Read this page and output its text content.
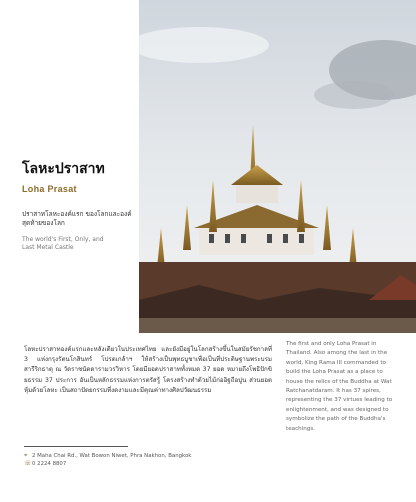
โลหะปราสาท
Loha Prasat
ปราสาทโลหะองค์แรก ของโลกและองค์สุดท้ายของโลก
The world's First, Only, and Last Metal Castle
โลหะปราสาทองค์แรกและหลังเดียวในประเทศไทย และยังมีอยู่ในโลกสร้างขึ้นในสมัยรัชกาลที่ 3 แห่งกรุงรัตนโกสินทร์ โปรดเกล้าฯ ให้สร้างเป็นพุทธบูชาเพื่อเป็นที่ประดิษฐานพระบรมสารีริกธาตุ ณ วัดราชนัดดารามวรวิหาร โดยมียอดปราสาททั้งหมด 37 ยอด หมายถึงโพธิปักขิยธรรม 37 ประการ อันเป็นหลักธรรมแห่งการตรัสรู้ โครงสร้างทำด้วยไม้ก่ออิฐถือปูน ส่วนยอดหุ้มด้วยโลหะ เป็นสถาปัตยกรรมที่งดงามและมีคุณค่าทางศิลปวัฒนธรรม

The first and only Loha Prasat in Thailand. Also among the last in the world, King Rama III commanded to build the Loha Prasat as a place to house the relics of the Buddha at Wat Ratchanatdaram. It has 37 spires, representing the 37 virtues leading to enlightenment, and was designed to symbolize the path of the Buddha's teachings.

⌖ 2 Maha Chai Rd., Wat Bowon Niwet, Phra Nakhon, Bangkok
☏0 2224 8807
